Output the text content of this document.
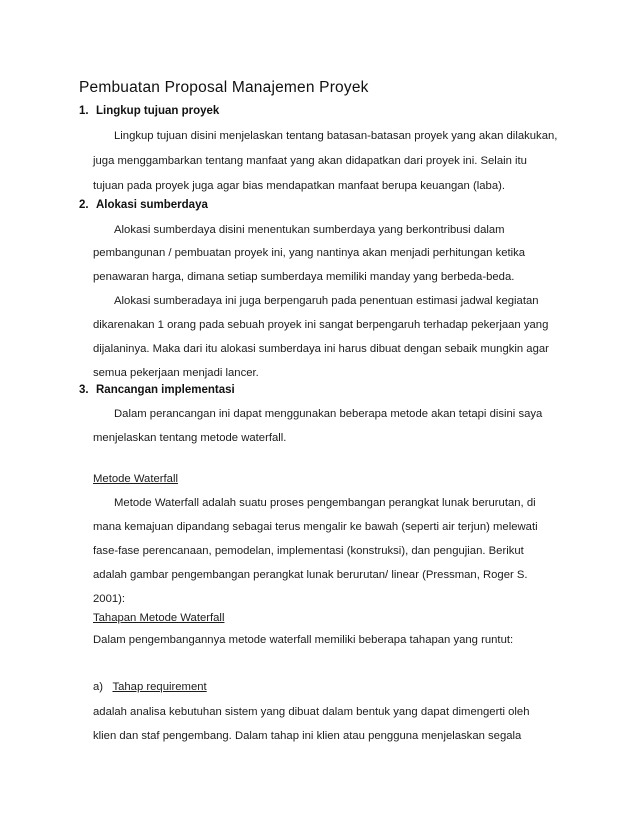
Pembuatan Proposal Manajemen Proyek
1. Lingkup tujuan proyek
Lingkup tujuan disini menjelaskan tentang batasan-batasan proyek yang akan dilakukan,
juga menggambarkan tentang manfaat yang akan didapatkan dari proyek ini. Selain itu
tujuan pada proyek juga agar bias mendapatkan manfaat berupa keuangan (laba).
2. Alokasi sumberdaya
Alokasi sumberdaya disini menentukan sumberdaya yang berkontribusi dalam
pembangunan / pembuatan proyek ini, yang nantinya akan menjadi perhitungan ketika
penawaran harga, dimana setiap sumberdaya memiliki manday yang berbeda-beda.
Alokasi sumberadaya ini juga berpengaruh pada penentuan estimasi jadwal kegiatan
dikarenakan 1 orang pada sebuah proyek ini sangat berpengaruh terhadap pekerjaan yang
dijalaninya. Maka dari itu alokasi sumberdaya ini harus dibuat dengan sebaik mungkin agar
semua pekerjaan menjadi lancer.
3. Rancangan implementasi
Dalam perancangan ini dapat menggunakan beberapa metode akan tetapi disini saya
menjelaskan tentang metode waterfall.
Metode Waterfall
Metode Waterfall adalah suatu proses pengembangan perangkat lunak berurutan, di
mana kemajuan dipandang sebagai terus mengalir ke bawah (seperti air terjun) melewati
fase-fase perencanaan, pemodelan, implementasi (konstruksi), dan pengujian. Berikut
adalah gambar pengembangan perangkat lunak berurutan/ linear (Pressman, Roger S.
2001):
Tahapan Metode Waterfall
Dalam pengembangannya metode waterfall memiliki beberapa tahapan yang runtut:
a) Tahap requirement
adalah analisa kebutuhan sistem yang dibuat dalam bentuk yang dapat dimengerti oleh
klien dan staf pengembang. Dalam tahap ini klien atau pengguna menjelaskan segala
